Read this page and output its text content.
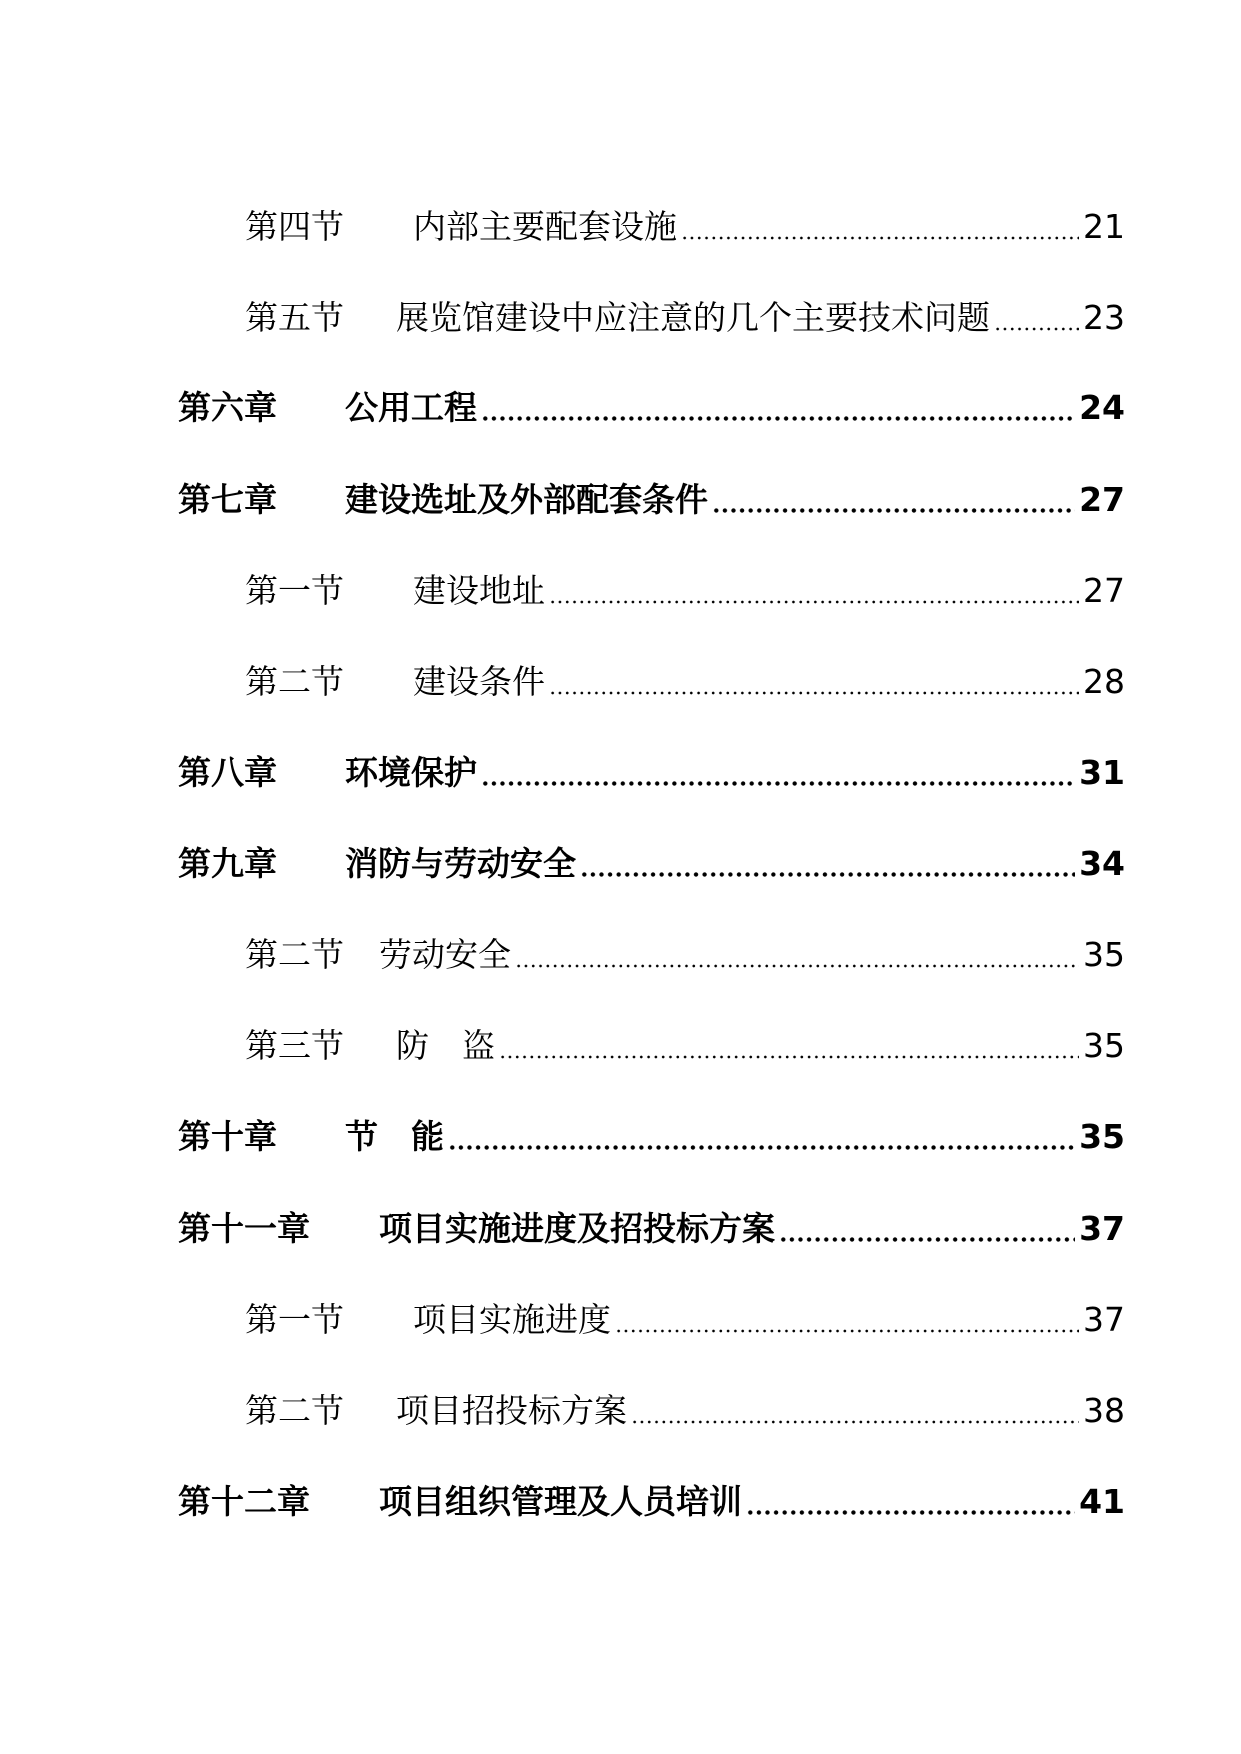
第四节	内部主要配套设施	21
第五节	展览馆建设中应注意的几个主要技术问题	23
第六章	公用工程	24
第七章	建设选址及外部配套条件	27
第一节	建设地址	27
第二节	建设条件	28
第八章	环境保护	31
第九章	消防与劳动安全	34
第二节	劳动安全	35
第三节	防　盗	35
第十章	节　能	35
第十一章	项目实施进度及招投标方案	37
第一节	项目实施进度	37
第二节	项目招投标方案	38
第十二章	项目组织管理及人员培训	41
